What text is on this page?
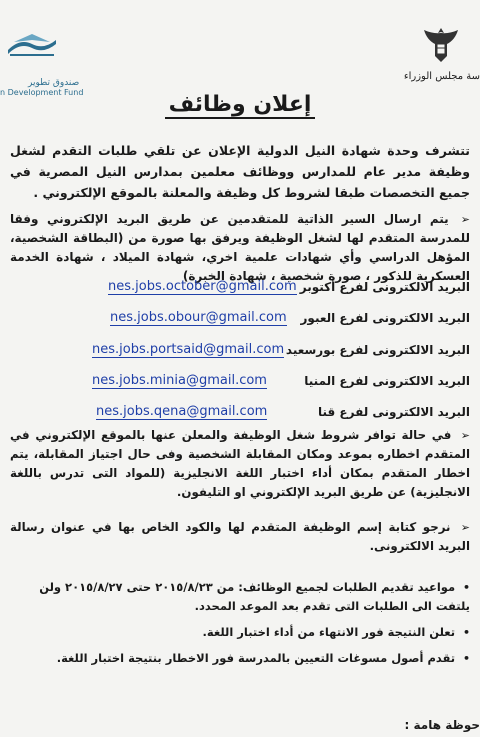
صندوق تطوير
n Development Fund
سة مجلس الوزراء
إعلان وظائف
تتشرف وحدة شهادة النيل الدولية الإعلان عن تلقي طلبات التقدم لشغل وظيفة مدير عام للمدارس ووظائف معلمين بمدارس النيل المصرية في جميع التخصصات طبقا لشروط كل وظيفة والمعلنة بالموقع الإلكتروني .
➢ يتم ارسال السير الذاتية للمتقدمين عن طريق البريد الإلكتروني وفقا للمدرسة المتقدم لها لشغل الوظيفة ويرفق بها صورة من (البطاقة الشخصية، المؤهل الدراسي وأي شهادات علمية اخري، شهادة الميلاد ، شهادة الخدمة العسكرية للذكور ، صورة شخصية ، شهادة الخبرة)
البريد الالكترونى لفرع أكتوبر
nes.jobs.october@gmail.com
البريد الالكترونى لفرع العبور
nes.jobs.obour@gmail.com
البريد الالكترونى لفرع بورسعيد
nes.jobs.portsaid@gmail.com
البريد الالكترونى لفرع المنيا
nes.jobs.minia@gmail.com
البريد الالكترونى لفرع قنا
nes.jobs.qena@gmail.com
➢ في حالة توافر شروط شغل الوظيفة والمعلن عنها بالموقع الإلكتروني في المتقدم اخطاره بموعد ومكان المقابلة الشخصية وفى حال اجتياز المقابلة، يتم اخطار المتقدم بمكان أداء اختبار اللغة الانجليزية (للمواد التى تدرس باللغة الانجليزية) عن طريق البريد الإلكتروني او التليفون.
➢ نرجو كتابة إسم الوظيفة المتقدم لها والكود الخاص بها في عنوان رسالة البريد الالكترونى.
• مواعيد تقديم الطلبات لجميع الوظائف: من ٢٠١٥/٨/٢٣ حتى ٢٠١٥/٨/٢٧ ولن يلتفت الى الطلبات التى تقدم بعد الموعد المحدد.
• تعلن النتيجة فور الانتهاء من أداء اختبار اللغة.
• تقدم أصول مسوغات التعيين بالمدرسة فور الاخطار بنتيجة اختبار اللغة.
حوظة هامة :
